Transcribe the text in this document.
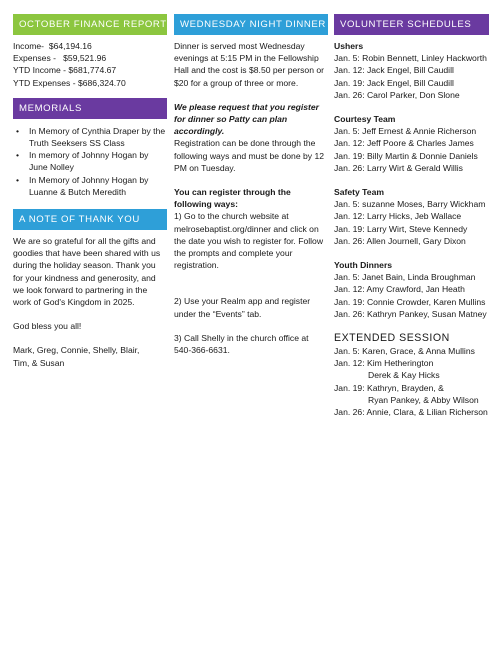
OCTOBER FINANCE REPORT
Income-  $64,194.16
Expenses -   $59,521.96
YTD Income - $681,774.67
YTD Expenses - $686,324.70
MEMORIALS
• In Memory of Cynthia Draper by the Truth Seeksers SS Class
• In memory of Johnny Hogan by June Nolley
• In Memory of Johnny Hogan by Luanne & Butch Meredith
A NOTE OF THANK YOU
We are so grateful for all the gifts and goodies that have been shared with us during the holiday season. Thank you for your kindness and generosity, and we look forward to partnering in the work of God's Kingdom in 2025.
God bless you all!
Mark, Greg, Connie, Shelly, Blair,
Tim, & Susan
WEDNESDAY NIGHT DINNER
Dinner is served most Wednesday evenings at 5:15 PM in the Fellowship Hall and the cost is $8.50 per person or $20 for a group of three or more.
We please request that you register for dinner so Patty can plan accordingly.
Registration can be done through the following ways and must be done by 12 PM on Tuesday.
You can register through the following ways:
1) Go to the church website at melrosebaptist.org/dinner and click on the date you wish to register for. Follow the prompts and complete your registration.
2) Use your Realm app and register under the “Events” tab.
3) Call Shelly in the church office at 540-366-6631.
VOLUNTEER SCHEDULES
Ushers
Jan. 5: Robin Bennett, Linley Hackworth
Jan. 12: Jack Engel, Bill Caudill
Jan. 19: Jack Engel, Bill Caudill
Jan. 26: Carol Parker, Don Slone
Courtesy Team
Jan. 5: Jeff Ernest & Annie Richerson
Jan. 12: Jeff Poore & Charles James
Jan. 19: Billy Martin & Donnie Daniels
Jan. 26: Larry Wirt & Gerald Willis
Safety Team
Jan. 5: suzanne Moses, Barry Wickham
Jan. 12: Larry Hicks, Jeb Wallace
Jan. 19: Larry Wirt, Steve Kennedy
Jan. 26: Allen Journell, Gary Dixon
Youth Dinners
Jan. 5: Janet Bain, Linda Broughman
Jan. 12: Amy Crawford, Jan Heath
Jan. 19: Connie Crowder, Karen Mullins
Jan. 26: Kathryn Pankey, Susan Matney
EXTENDED SESSION
Jan. 5: Karen, Grace, & Anna Mullins
Jan. 12: Kim Hetherington
Derek & Kay Hicks
Jan. 19: Kathryn, Brayden, &
Ryan Pankey, & Abby Wilson
Jan. 26: Annie, Clara, & Lilian Richerson
